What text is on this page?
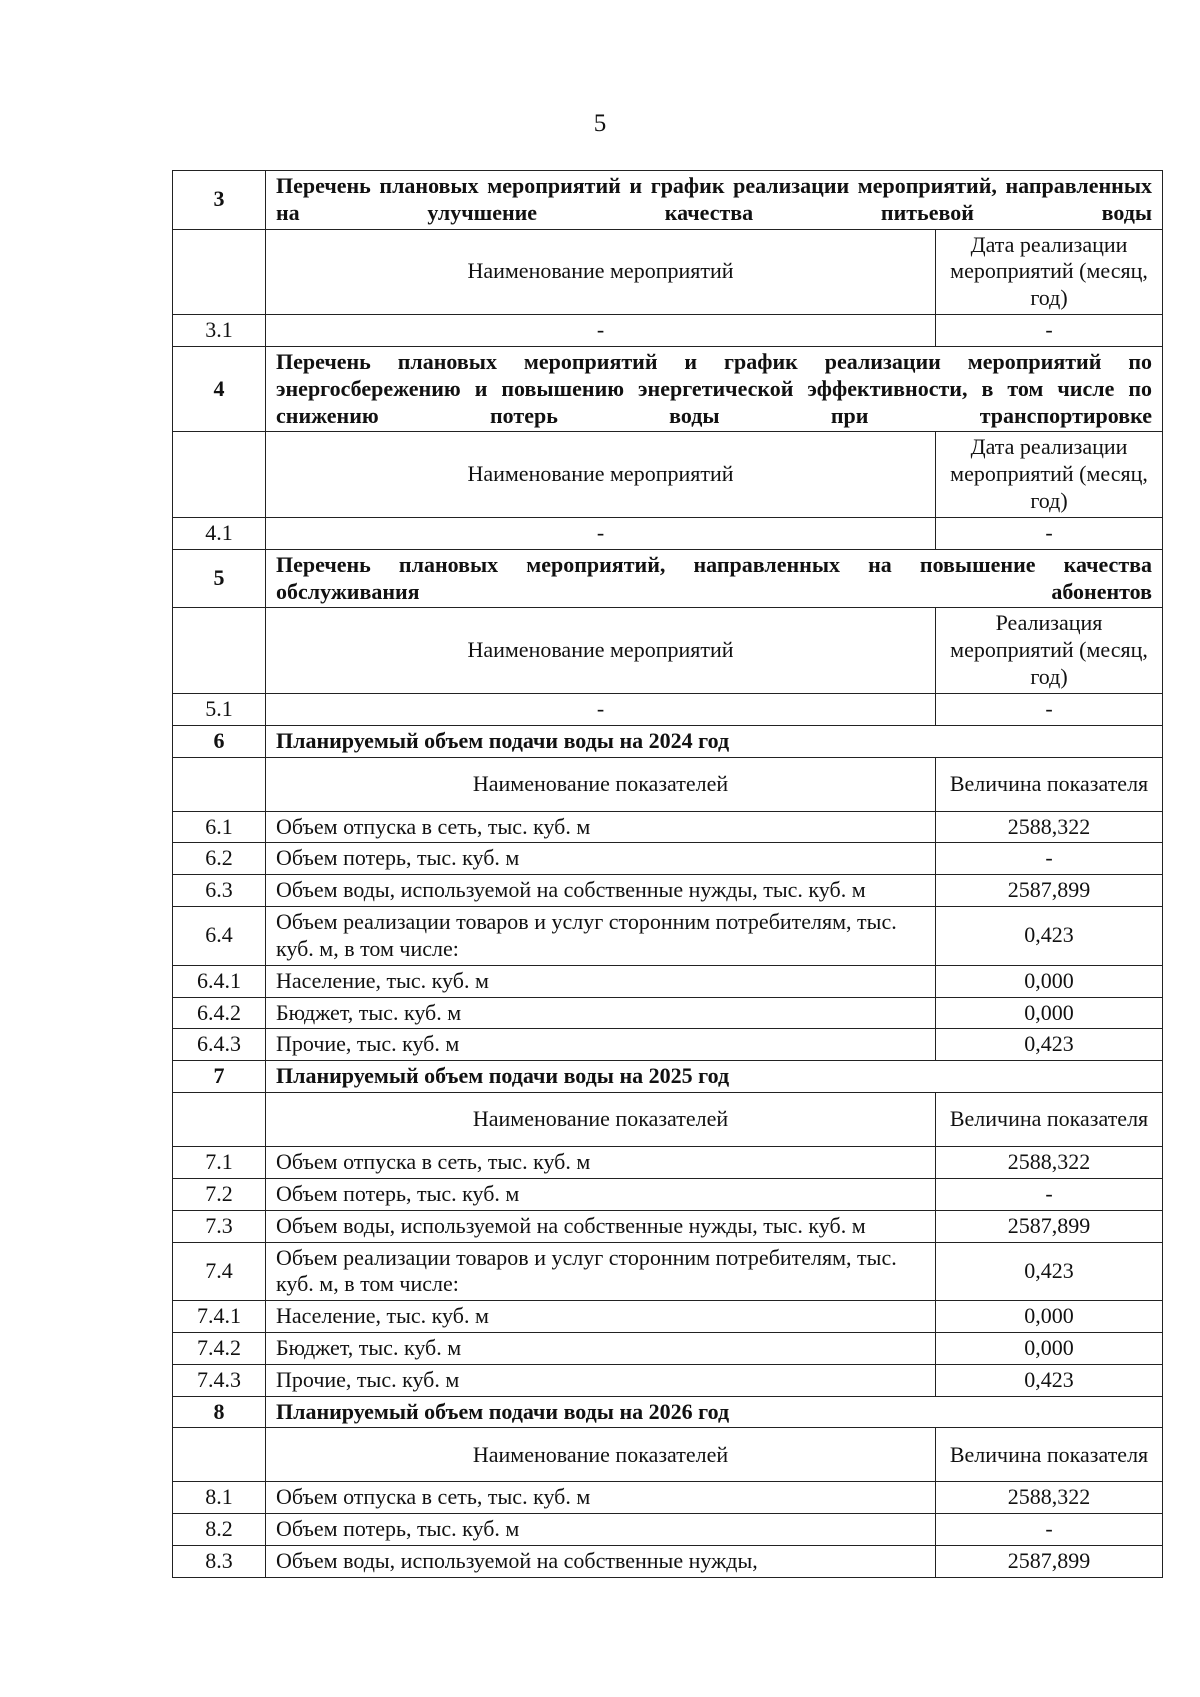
5
3	Перечень плановых мероприятий и график реализации мероприятий, направленных на улучшение качества питьевой воды	
	Наименование мероприятий	Дата реализации мероприятий (месяц, год)
3.1	-	-
4	Перечень плановых мероприятий и график реализации мероприятий по энергосбережению и повышению энергетической эффективности, в том числе по снижению потерь воды при транспортировке	
	Наименование мероприятий	Дата реализации мероприятий (месяц, год)
4.1	-	-
5	Перечень плановых мероприятий, направленных на повышение качества обслуживания абонентов	
	Наименование мероприятий	Реализация мероприятий (месяц, год)
5.1	-	-
6	Планируемый объем подачи воды на 2024 год	
	Наименование показателей	Величина показателя
6.1	Объем отпуска в сеть, тыс. куб. м	2588,322
6.2	Объем потерь, тыс. куб. м	-
6.3	Объем воды, используемой на собственные нужды, тыс. куб. м	2587,899
6.4	Объем реализации товаров и услуг сторонним потребителям, тыс. куб. м, в том числе:	0,423
6.4.1	Население, тыс. куб. м	0,000
6.4.2	Бюджет, тыс. куб. м	0,000
6.4.3	Прочие, тыс. куб. м	0,423
7	Планируемый объем подачи воды на 2025 год	
	Наименование показателей	Величина показателя
7.1	Объем отпуска в сеть, тыс. куб. м	2588,322
7.2	Объем потерь, тыс. куб. м	-
7.3	Объем воды, используемой на собственные нужды, тыс. куб. м	2587,899
7.4	Объем реализации товаров и услуг сторонним потребителям, тыс. куб. м, в том числе:	0,423
7.4.1	Население, тыс. куб. м	0,000
7.4.2	Бюджет, тыс. куб. м	0,000
7.4.3	Прочие, тыс. куб. м	0,423
8	Планируемый объем подачи воды на 2026 год	
	Наименование показателей	Величина показателя
8.1	Объем отпуска в сеть, тыс. куб. м	2588,322
8.2	Объем потерь, тыс. куб. м	-
8.3	Объем воды, используемой на собственные нужды,	2587,899
